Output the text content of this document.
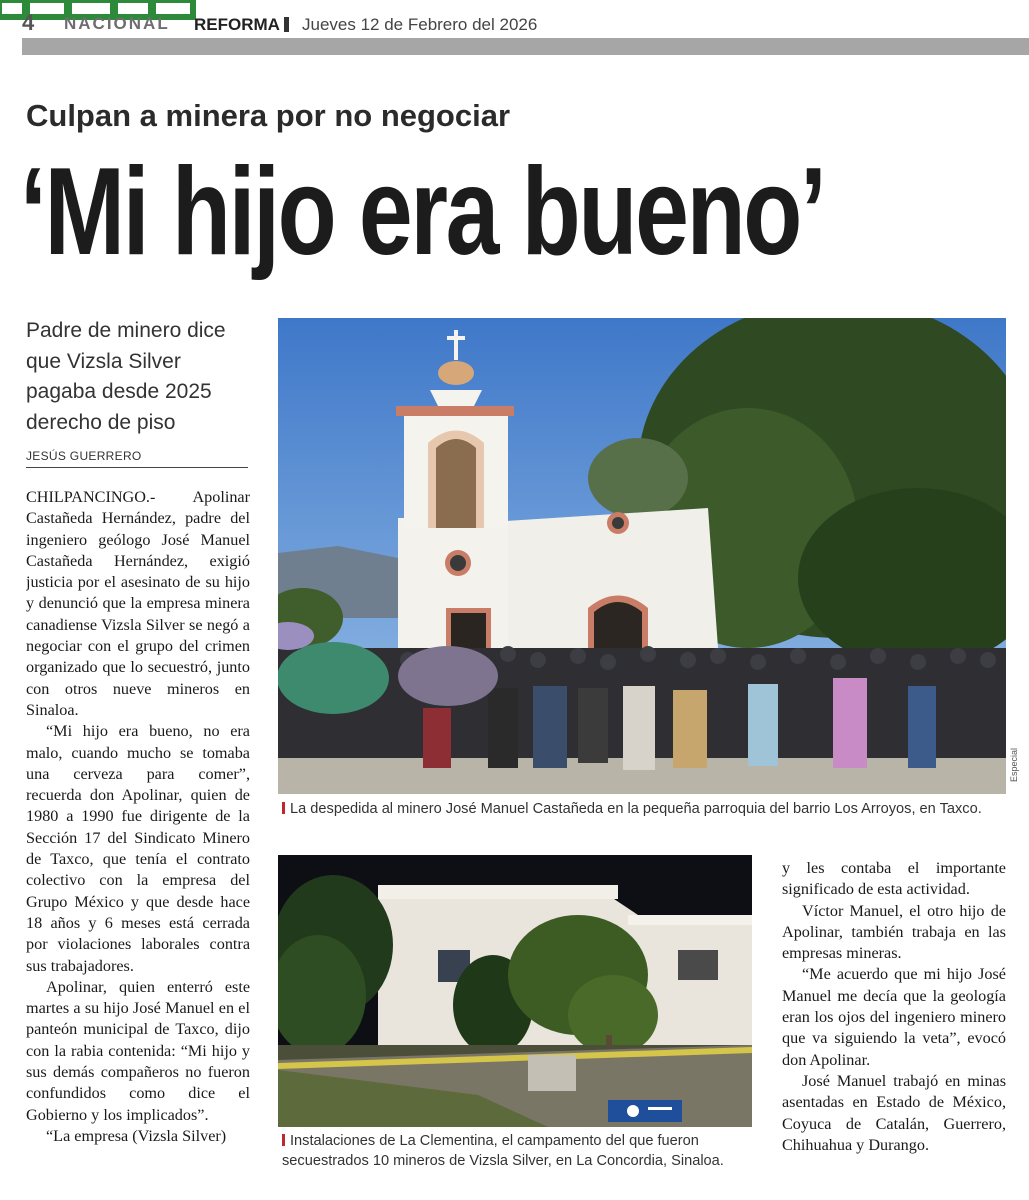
4 NACIONAL REFORMA Jueves 12 de Febrero del 2026
Culpan a minera por no negociar
‘Mi hijo era bueno’
Padre de minero dice que Vizsla Silver pagaba desde 2025 derecho de piso
JESÚS GUERRERO

CHILPANCINGO.- Apolinar Castañeda Hernández, padre del ingeniero geólogo José Manuel Castañeda Hernández, exigió justicia por el asesinato de su hijo y denunció que la empresa minera canadiense Vizsla Silver se negó a negociar con el grupo del crimen organizado que lo secuestró, junto con otros nueve mineros en Sinaloa.

“Mi hijo era bueno, no era malo, cuando mucho se tomaba una cerveza para comer”, recuerda don Apolinar, quien de 1980 a 1990 fue dirigente de la Sección 17 del Sindicato Minero de Taxco, que tenía el contrato colectivo con la empresa del Grupo México y que desde hace 18 años y 6 meses está cerrada por violaciones laborales contra sus trabajadores.

Apolinar, quien enterró este martes a su hijo José Manuel en el panteón municipal de Taxco, dijo con la rabia contenida: “Mi hijo y sus demás compañeros no fueron confundidos como dice el Gobierno y los implicados”.

“La empresa (Vizsla Silver)

Especial
La despedida al minero José Manuel Castañeda en la pequeña parroquia del barrio Los Arroyos, en Taxco.
Instalaciones de La Clementina, el campamento del que fueron secuestrados 10 mineros de Vizsla Silver, en La Concordia, Sinaloa.

y les contaba el importante significado de esta actividad.

Víctor Manuel, el otro hijo de Apolinar, también trabaja en las empresas mineras.

“Me acuerdo que mi hijo José Manuel me decía que la geología eran los ojos del ingeniero minero que va siguiendo la veta”, evocó don Apolinar.

José Manuel trabajó en minas asentadas en Estado de México, Coyuca de Catalán, Guerrero, Chihuahua y Durango.
